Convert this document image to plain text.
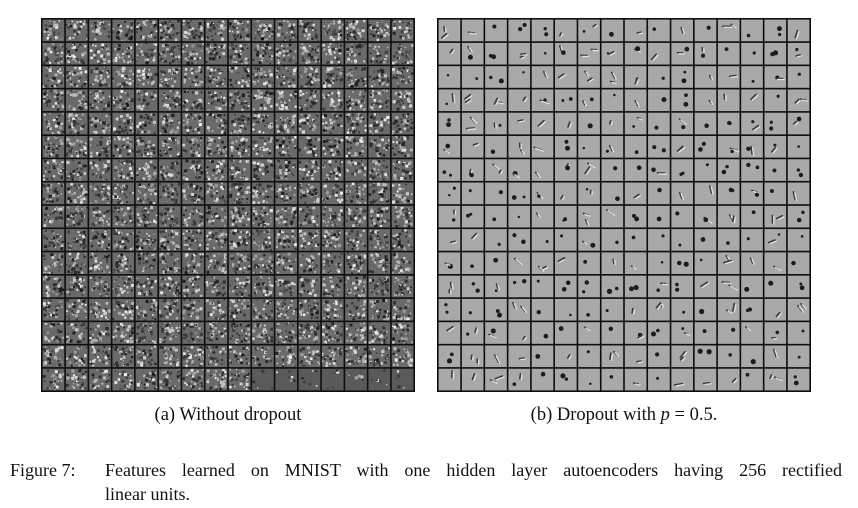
(a) Without dropout	(b) Dropout with p = 0.5.
Figure 7:	Features learned on MNIST with one hidden layer autoencoders having 256 rectified
linear units.
